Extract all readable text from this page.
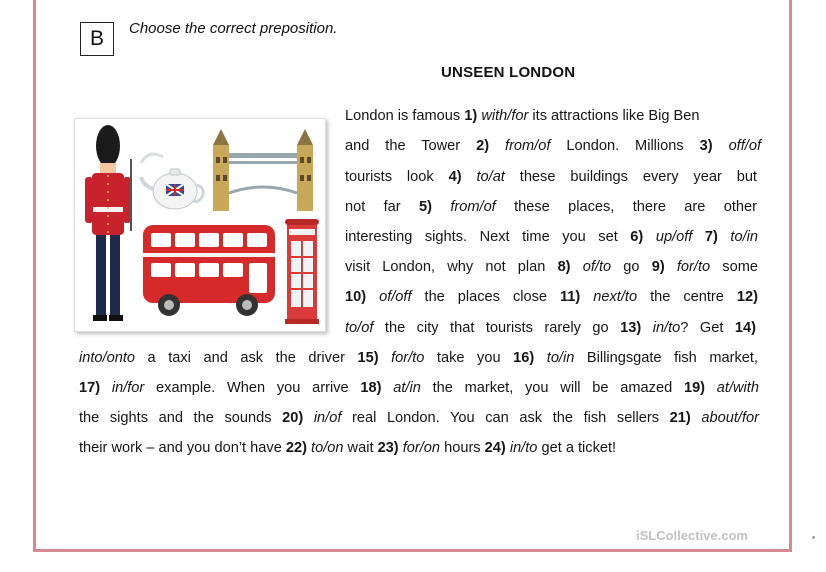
B	Choose the correct preposition.
UNSEEN LONDON
London is famous 1) with/for its attractions like Big Ben
and the Tower 2) from/of London. Millions 3) off/of
tourists look 4) to/at these buildings every year but
not far 5) from/of these places, there are other
interesting sights. Next time you set 6) up/off 7) to/in
visit London, why not plan 8) of/to go 9) for/to some
10) of/off the places close 11) next/to the centre 12)
to/of the city that tourists rarely go 13) in/to? Get 14)
into/onto a taxi and ask the driver 15) for/to take you 16) to/in Billingsgate fish market,
17) in/for example. When you arrive 18) at/in the market, you will be amazed 19) at/with
the sights and the sounds 20) in/of real London. You can ask the fish sellers 21) about/for
their work – and you don’t have 22) to/on wait 23) for/on hours 24) in/to get a ticket!
iSLCollective.com
